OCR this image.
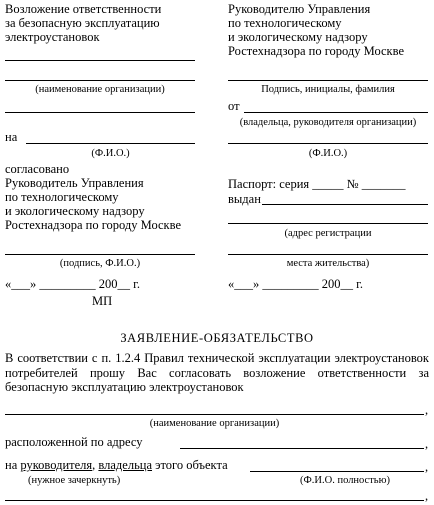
Возложение ответственности
за безопасную эксплуатацию
электроустановок
(наименование организации)
на
(Ф.И.О.)
согласовано
Руководитель Управления
по технологическому
и экологическому надзору
Ростехнадзора по городу Москве
(подпись, Ф.И.О.)
«___» _________ 200__ г.
МП
Руководителю Управления
по технологическому
и экологическому надзору
Ростехнадзора по городу Москве
Подпись, инициалы, фамилия
от
(владельца, руководителя организации)
(Ф.И.О.)
Паспорт: серия _____ № _______
выдан
(адрес регистрации
места жительства)
«___» _________ 200__ г.
ЗАЯВЛЕНИЕ-ОБЯЗАТЕЛЬСТВО
В соответствии с п. 1.2.4 Правил технической эксплуатации электроустановок потребителей прошу Вас согласовать возложение ответственности за безопасную эксплуатацию электроустановок
,
(наименование организации)
расположенной по адресу	,
на руководителя, владельца этого объекта	,
(нужное зачеркнуть)	(Ф.И.О. полностью)
,
